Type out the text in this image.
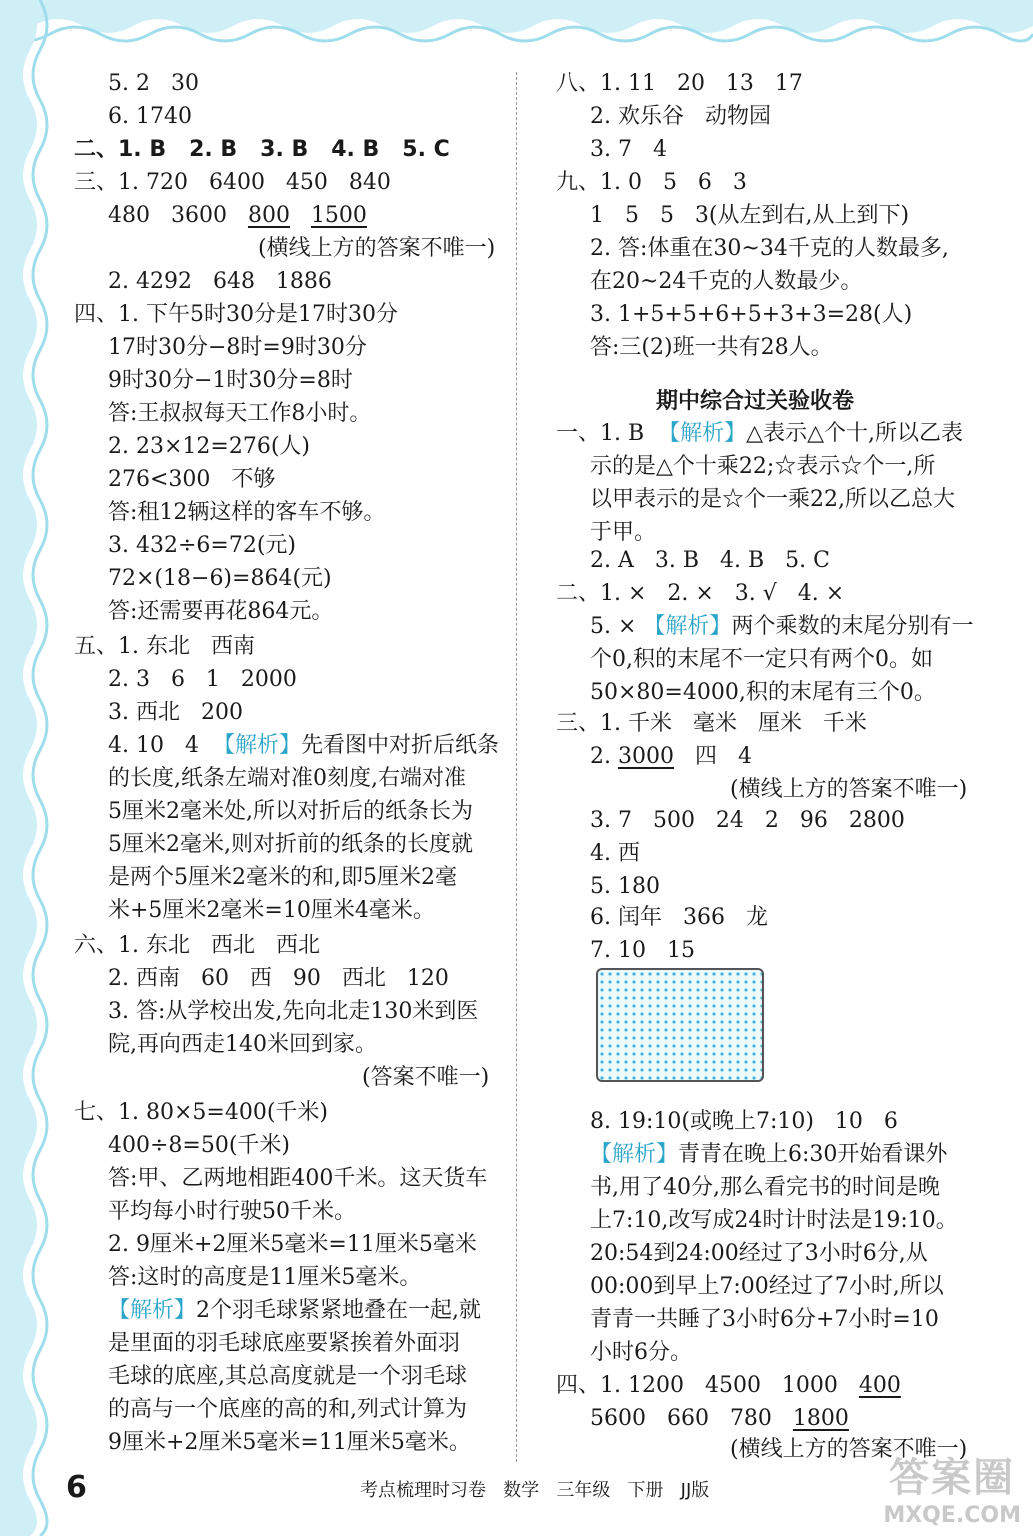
5. 2   30
6. 1740
二、1. B   2. B   3. B   4. B   5. C
三、1. 720   6400   450   840
480   3600   800 1500
(横线上方的答案不唯一)
2. 4292   648   1886
四、1. 下午5时30分是17时30分
17时30分−8时=9时30分
9时30分−1时30分=8时
答:王叔叔每天工作8小时。
2. 23×12=276(人)
276<300   不够
答:租12辆这样的客车不够。
3. 432÷6=72(元)
72×(18−6)=864(元)
答:还需要再花864元。
五、1. 东北   西南
2. 3   6   1   2000
3. 西北   200
4. 10   4  【解析】先看图中对折后纸条
的长度,纸条左端对准0刻度,右端对准
5厘米2毫米处,所以对折后的纸条长为
5厘米2毫米,则对折前的纸条的长度就
是两个5厘米2毫米的和,即5厘米2毫
米+5厘米2毫米=10厘米4毫米。
六、1. 东北   西北   西北
2. 西南   60   西   90   西北   120
3. 答:从学校出发,先向北走130米到医
院,再向西走140米回到家。
(答案不唯一)
七、1. 80×5=400(千米)
400÷8=50(千米)
答:甲、乙两地相距400千米。这天货车
平均每小时行驶50千米。
2. 9厘米+2厘米5毫米=11厘米5毫米
答:这时的高度是11厘米5毫米。
【解析】2个羽毛球紧紧地叠在一起,就
是里面的羽毛球底座要紧挨着外面羽
毛球的底座,其总高度就是一个羽毛球
的高与一个底座的高的和,列式计算为
9厘米+2厘米5毫米=11厘米5毫米。
八、1. 11   20   13   17
2. 欢乐谷   动物园
3. 7   4
九、1. 0   5   6   3
1   5   5   3(从左到右,从上到下)
2. 答:体重在30~34千克的人数最多,
在20~24千克的人数最少。
3. 1+5+5+6+5+3+3=28(人)
答:三(2)班一共有28人。
期中综合过关验收卷
一、1. B  【解析】△表示△个十,所以乙表
示的是△个十乘22;☆表示☆个一,所
以甲表示的是☆个一乘22,所以乙总大
于甲。
2. A   3. B   4. B   5. C
二、1. ×   2. ×   3. √   4. ×
5. × 【解析】两个乘数的末尾分别有一
个0,积的末尾不一定只有两个0。如
50×80=4000,积的末尾有三个0。
三、1. 千米   毫米   厘米   千米
2. 3000   四   4
(横线上方的答案不唯一)
3. 7   500   24   2   96   2800
4. 西
5. 180
6. 闰年   366   龙
7. 10   15
8. 19:10(或晚上7:10)   10   6
【解析】青青在晚上6:30开始看课外
书,用了40分,那么看完书的时间是晚
上7:10,改写成24时计时法是19:10。
20:54到24:00经过了3小时6分,从
00:00到早上7:00经过了7小时,所以
青青一共睡了3小时6分+7小时=10
小时6分。
四、1. 1200   4500   1000   400
5600   660   780   1800
(横线上方的答案不唯一)
6	考点梳理时习卷   数学   三年级   下册   JJ版	答案圈
MXQE.COM
